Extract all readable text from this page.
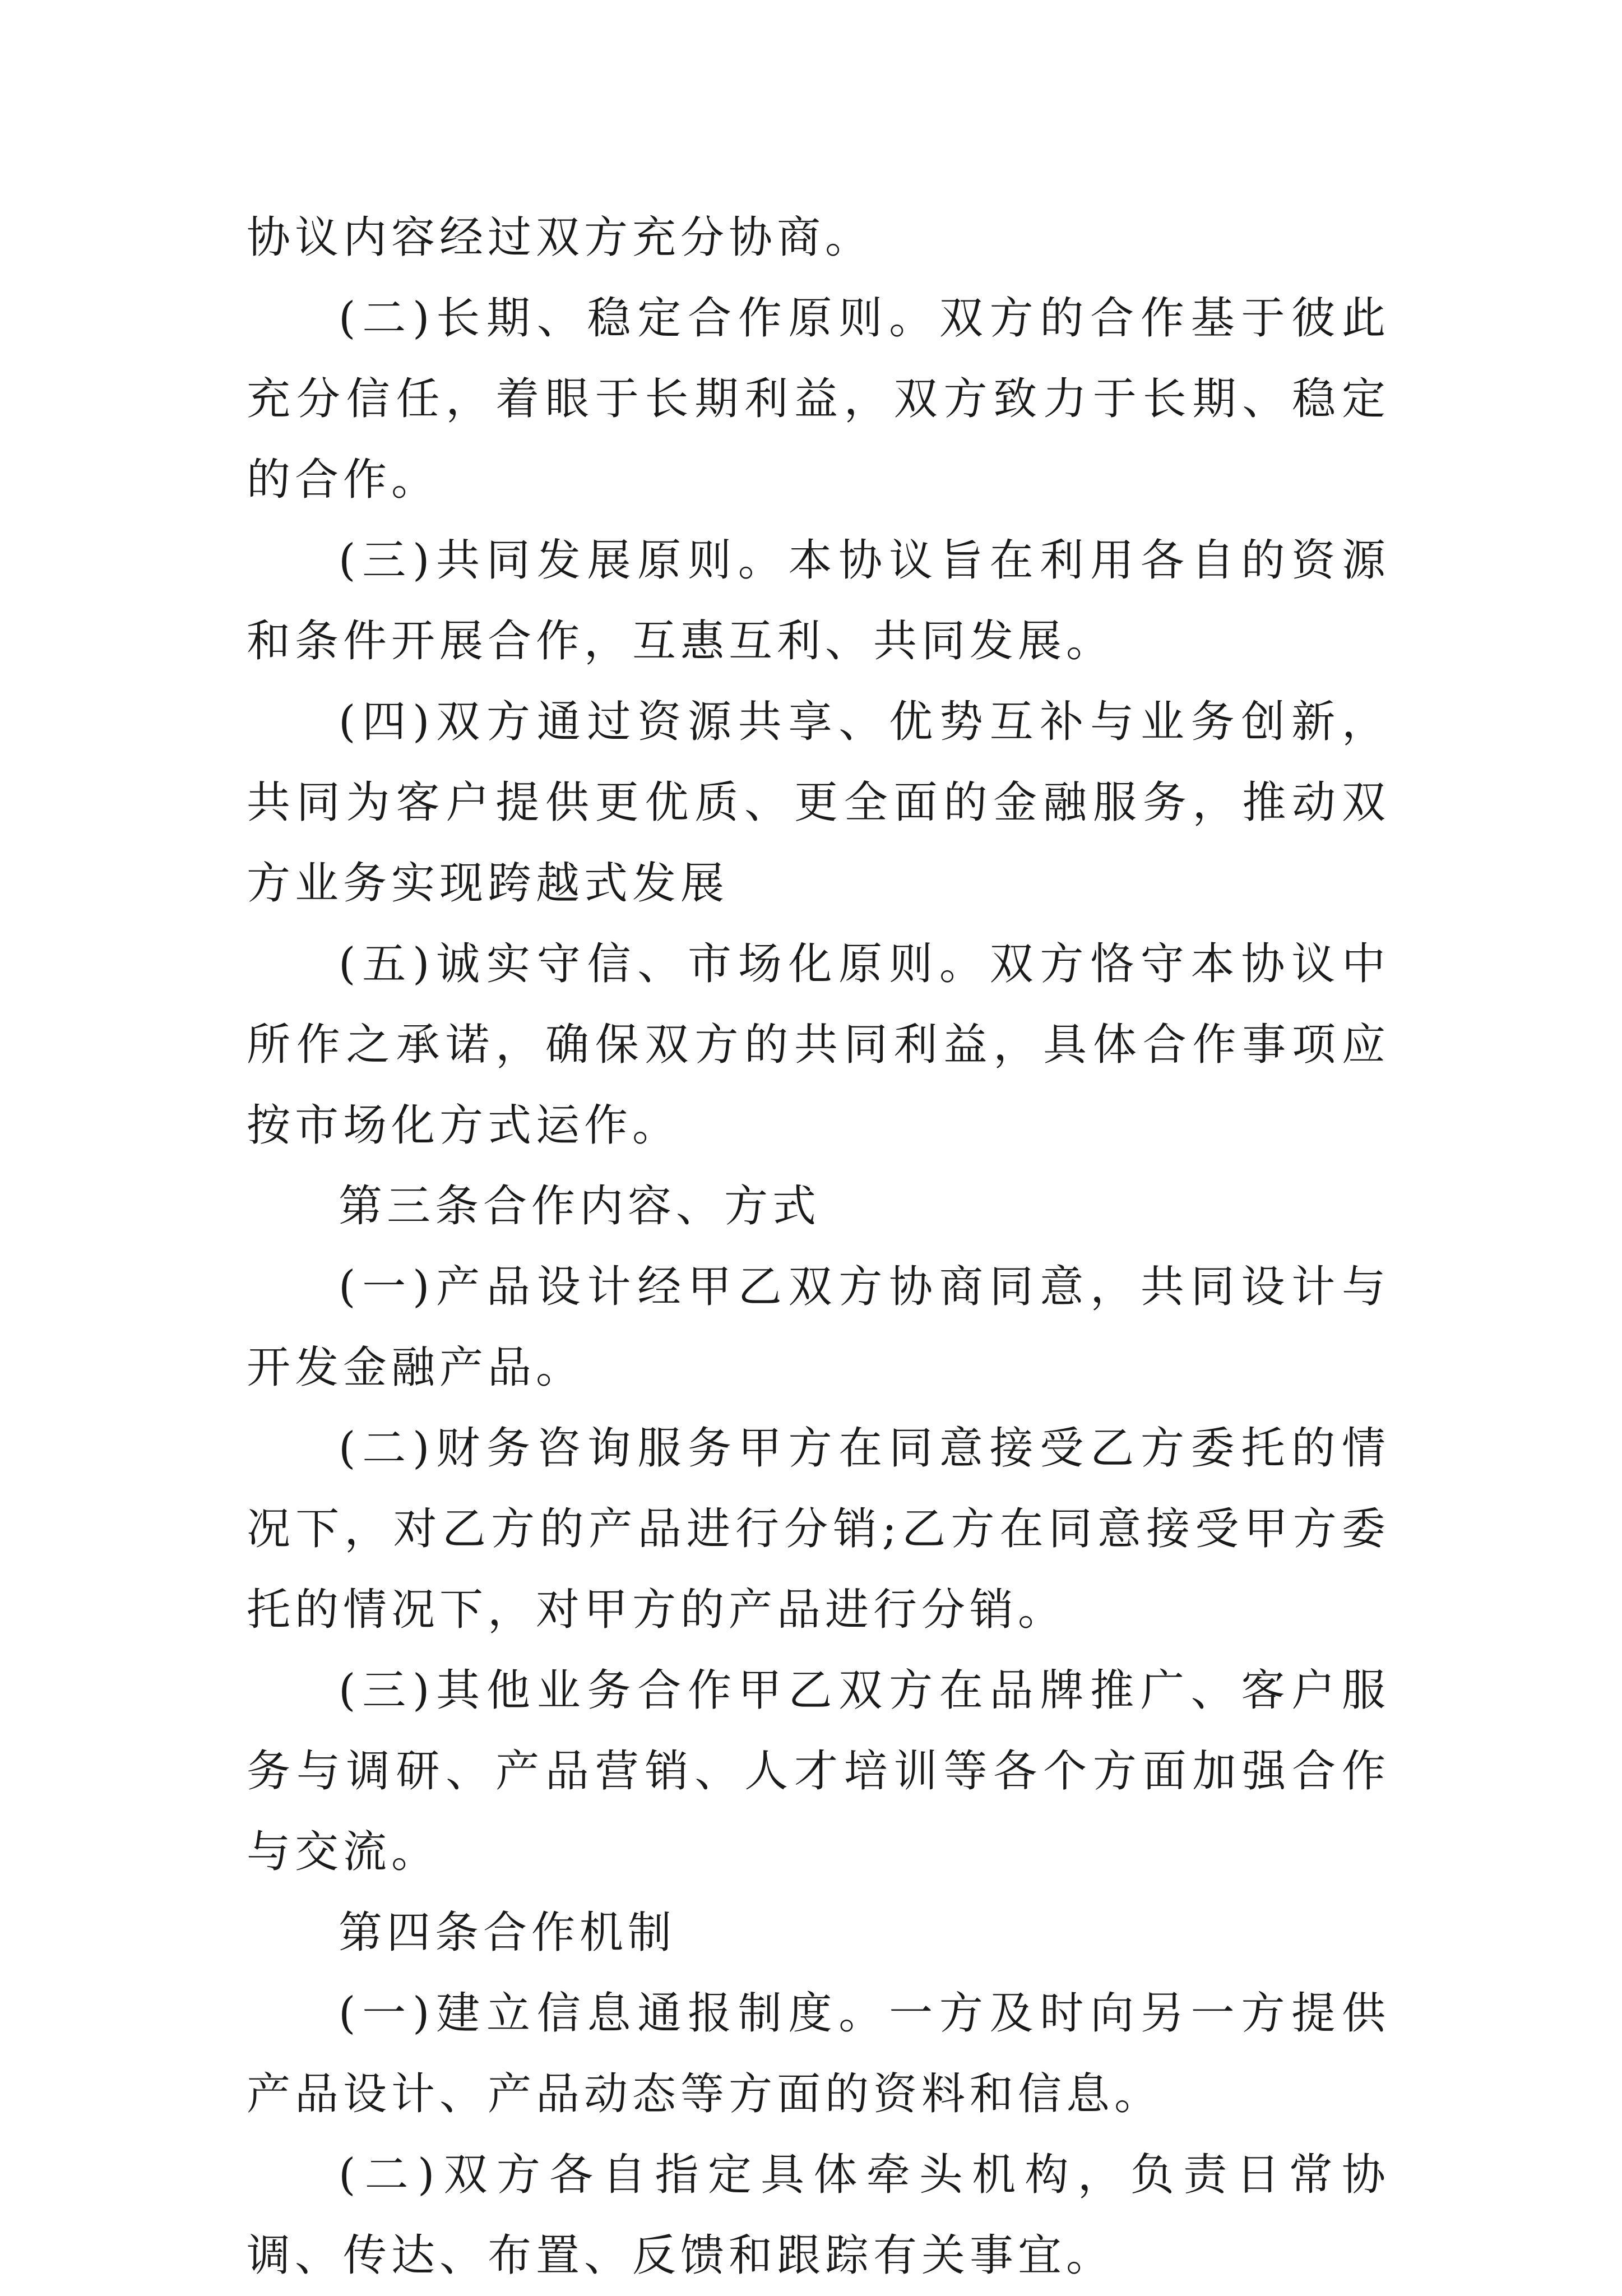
协议内容经过双方充分协商。

(二)长期、稳定合作原则。双方的合作基于彼此充分信任，着眼于长期利益，双方致力于长期、稳定的合作。

(三)共同发展原则。本协议旨在利用各自的资源和条件开展合作，互惠互利、共同发展。

(四)双方通过资源共享、优势互补与业务创新，共同为客户提供更优质、更全面的金融服务，推动双方业务实现跨越式发展

(五)诚实守信、市场化原则。双方恪守本协议中所作之承诺，确保双方的共同利益，具体合作事项应按市场化方式运作。

第三条合作内容、方式

(一)产品设计经甲乙双方协商同意，共同设计与开发金融产品。

(二)财务咨询服务甲方在同意接受乙方委托的情况下，对乙方的产品进行分销;乙方在同意接受甲方委托的情况下，对甲方的产品进行分销。

(三)其他业务合作甲乙双方在品牌推广、客户服务与调研、产品营销、人才培训等各个方面加强合作与交流。

第四条合作机制

(一)建立信息通报制度。一方及时向另一方提供产品设计、产品动态等方面的资料和信息。

(二)双方各自指定具体牵头机构，负责日常协调、传达、布置、反馈和跟踪有关事宜。
